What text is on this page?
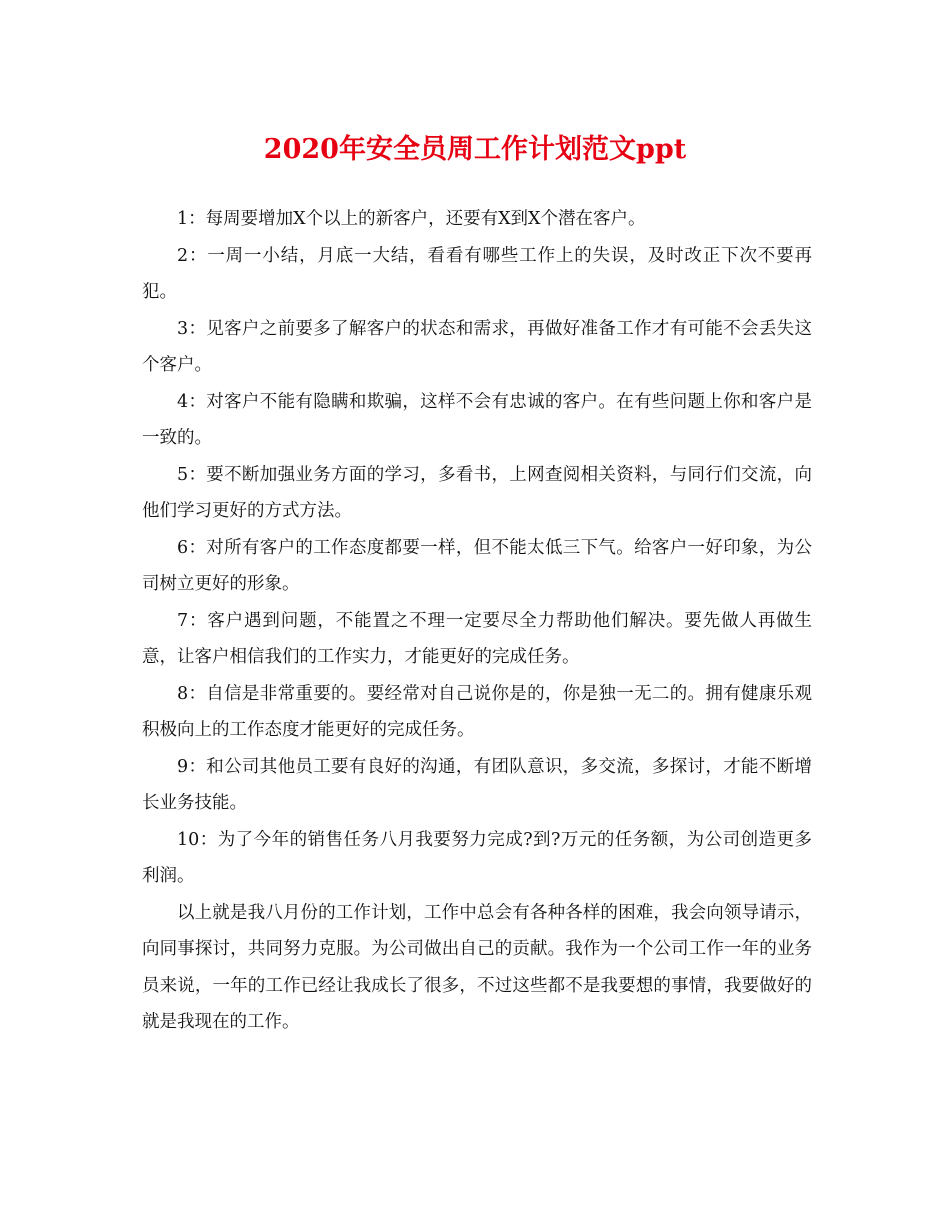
2020年安全员周工作计划范文ppt

1：每周要增加X个以上的新客户，还要有X到X个潜在客户。

2：一周一小结，月底一大结，看看有哪些工作上的失误，及时改正下次不要再犯。

3：见客户之前要多了解客户的状态和需求，再做好准备工作才有可能不会丢失这个客户。

4：对客户不能有隐瞒和欺骗，这样不会有忠诚的客户。在有些问题上你和客户是一致的。

5：要不断加强业务方面的学习，多看书，上网查阅相关资料，与同行们交流，向他们学习更好的方式方法。

6：对所有客户的工作态度都要一样，但不能太低三下气。给客户一好印象，为公司树立更好的形象。

7：客户遇到问题，不能置之不理一定要尽全力帮助他们解决。要先做人再做生意，让客户相信我们的工作实力，才能更好的完成任务。

8：自信是非常重要的。要经常对自己说你是的，你是独一无二的。拥有健康乐观积极向上的工作态度才能更好的完成任务。

9：和公司其他员工要有良好的沟通，有团队意识，多交流，多探讨，才能不断增长业务技能。

10：为了今年的销售任务八月我要努力完成?到?万元的任务额，为公司创造更多利润。

以上就是我八月份的工作计划，工作中总会有各种各样的困难，我会向领导请示，向同事探讨，共同努力克服。为公司做出自己的贡献。我作为一个公司工作一年的业务员来说，一年的工作已经让我成长了很多，不过这些都不是我要想的事情，我要做好的就是我现在的工作。
